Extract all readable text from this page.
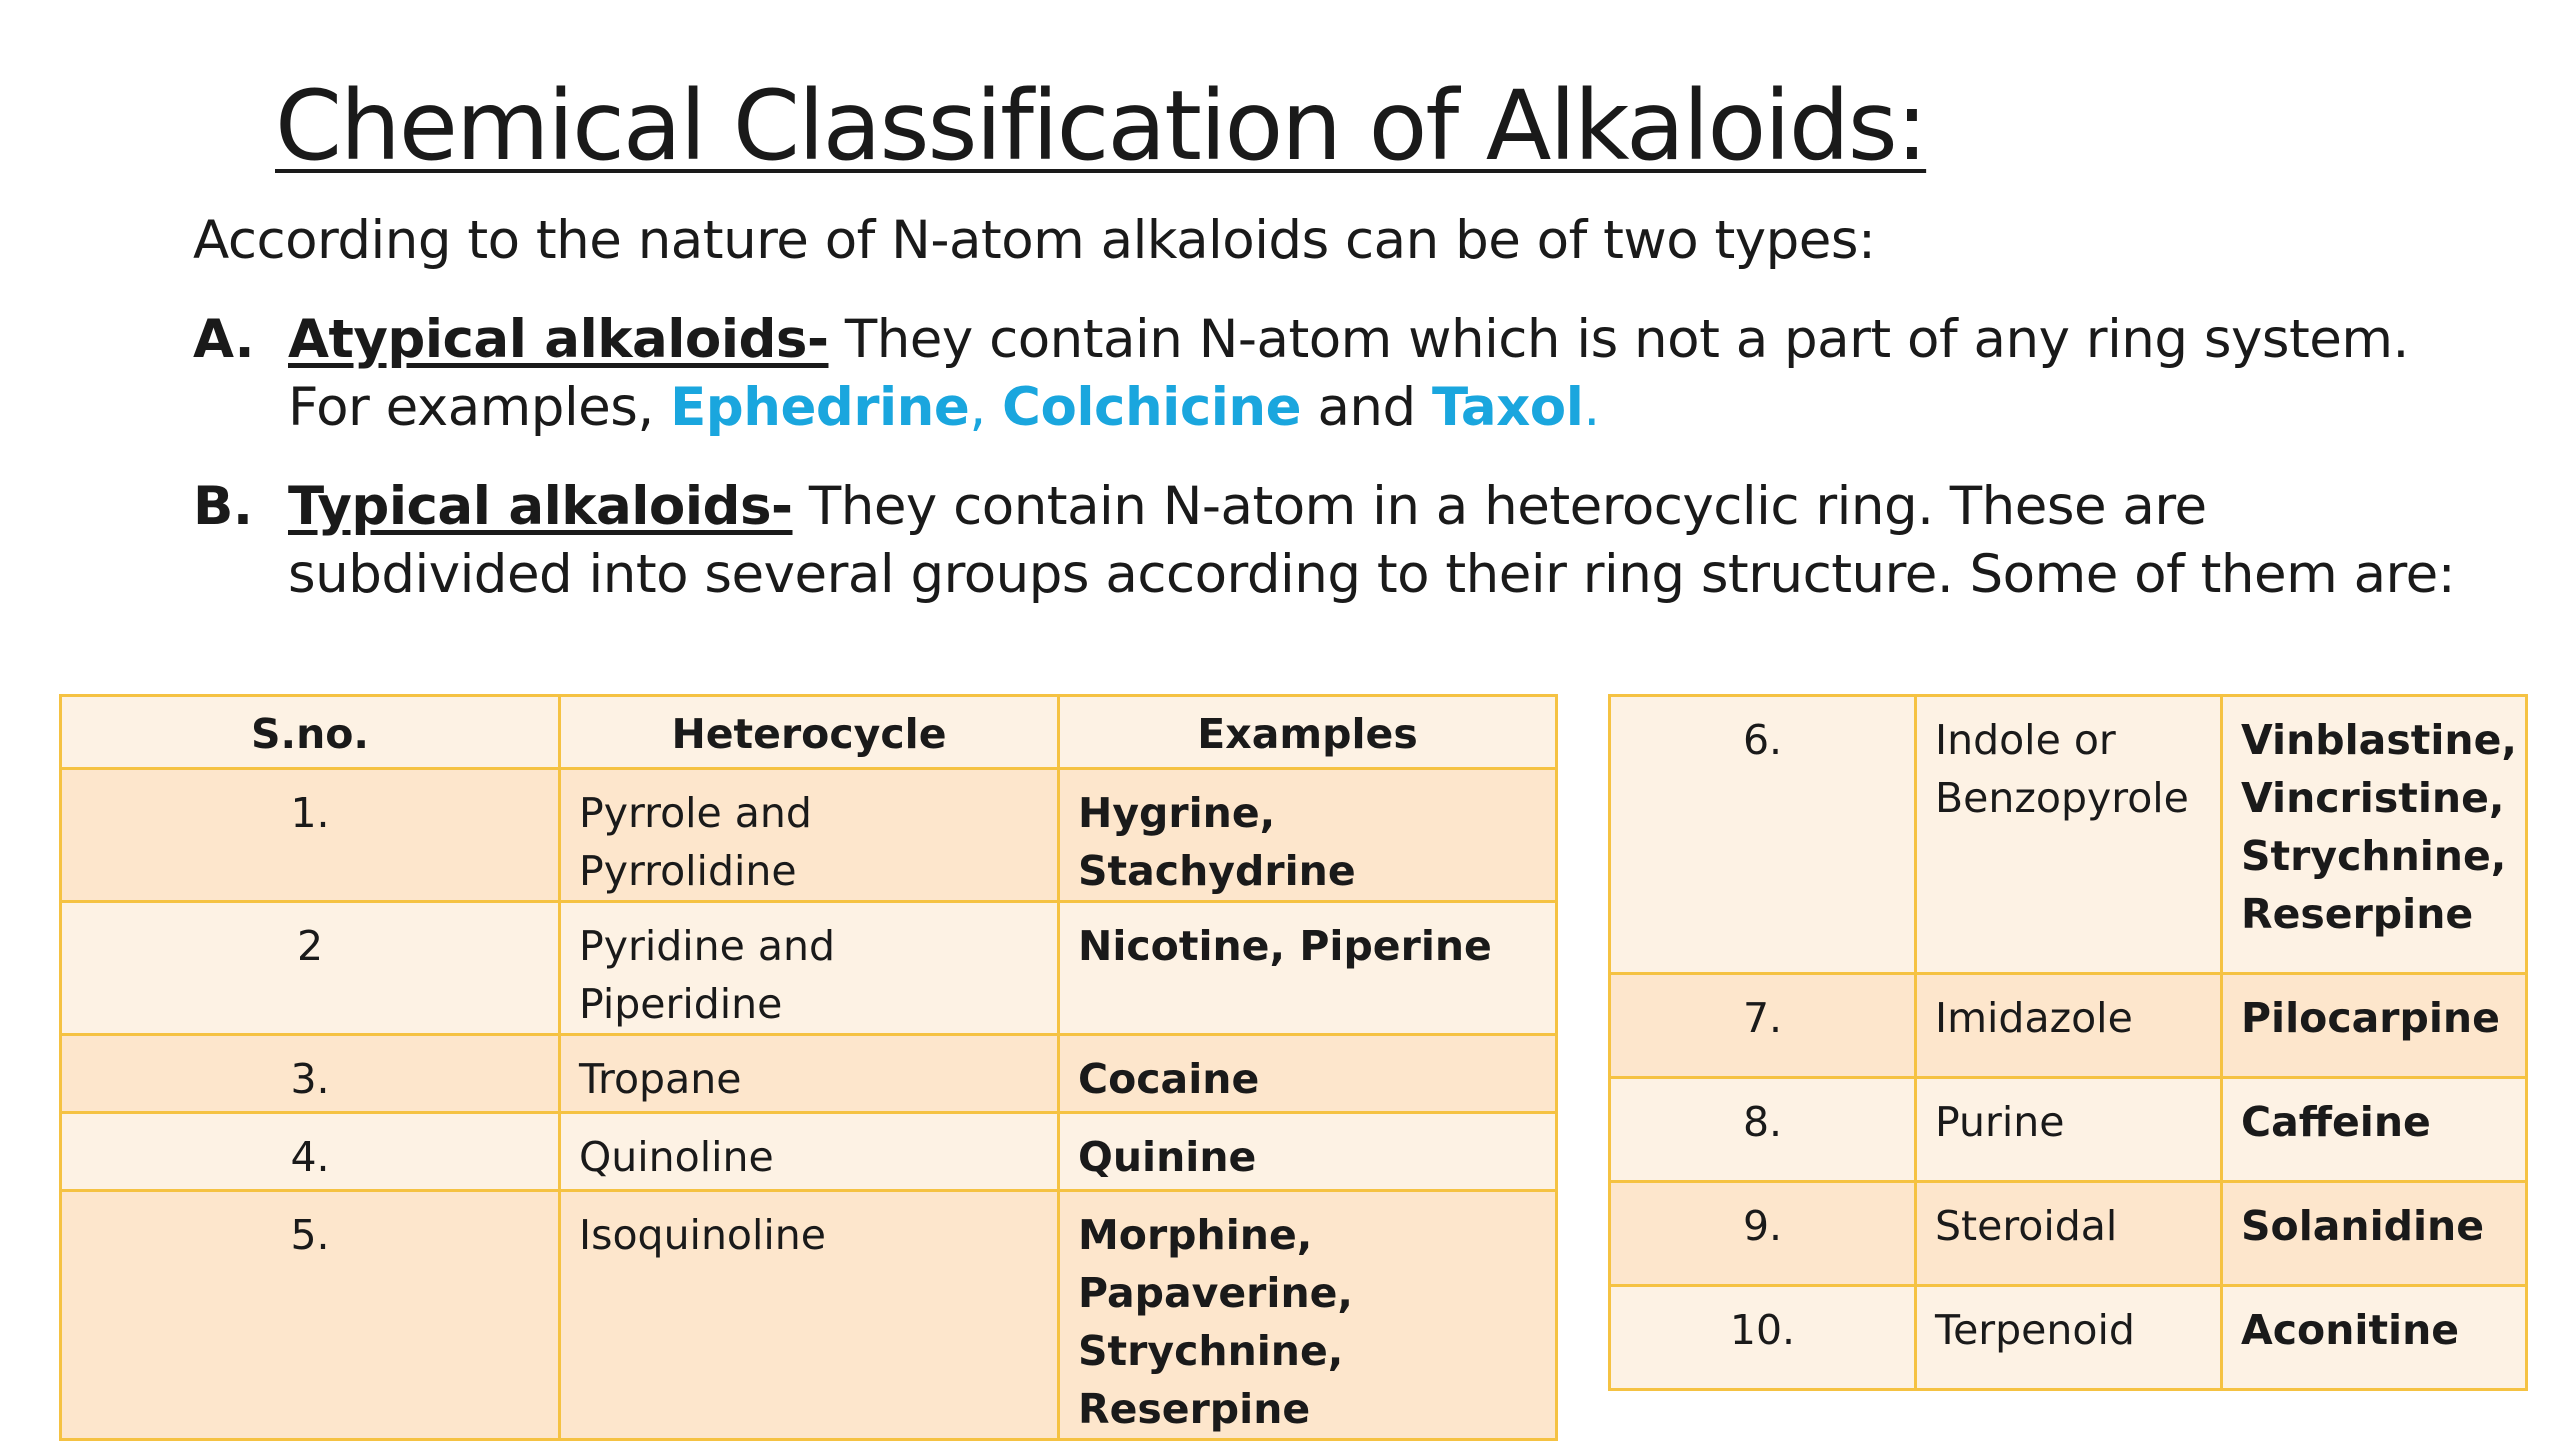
Chemical Classification of Alkaloids:
According to the nature of N-atom alkaloids can be of two types:
A. Atypical alkaloids- They contain N-atom which is not a part of any ring system. For examples, Ephedrine, Colchicine and Taxol.
B. Typical alkaloids- They contain N-atom in a heterocyclic ring. These are subdivided into several groups according to their ring structure. Some of them are:
S.no.	Heterocycle	Examples
1.	Pyrrole and Pyrrolidine	Hygrine, Stachydrine
2	Pyridine and Piperidine	Nicotine, Piperine
3.	Tropane	Cocaine
4.	Quinoline	Quinine
5.	Isoquinoline	Morphine, Papaverine, Strychnine, Reserpine
6.	Indole or Benzopyrole	Vinblastine, Vincristine, Strychnine, Reserpine
7.	Imidazole	Pilocarpine
8.	Purine	Caffeine
9.	Steroidal	Solanidine
10.	Terpenoid	Aconitine
